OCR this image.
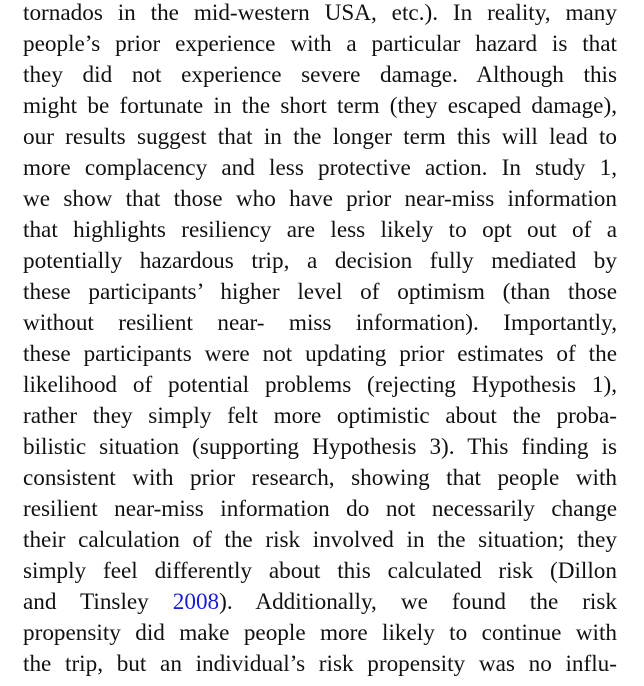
tornados in the mid-western USA, etc.). In reality, many
people’s prior experience with a particular hazard is that
they did not experience severe damage. Although this
might be fortunate in the short term (they escaped damage),
our results suggest that in the longer term this will lead to
more complacency and less protective action. In study 1,
we show that those who have prior near-miss information
that highlights resiliency are less likely to opt out of a
potentially hazardous trip, a decision fully mediated by
these participants’ higher level of optimism (than those
without resilient near- miss information). Importantly,
these participants were not updating prior estimates of the
likelihood of potential problems (rejecting Hypothesis 1),
rather they simply felt more optimistic about the proba-
bilistic situation (supporting Hypothesis 3). This finding is
consistent with prior research, showing that people with
resilient near-miss information do not necessarily change
their calculation of the risk involved in the situation; they
simply feel differently about this calculated risk (Dillon
and Tinsley 2008). Additionally, we found the risk
propensity did make people more likely to continue with
the trip, but an individual’s risk propensity was no influ-
